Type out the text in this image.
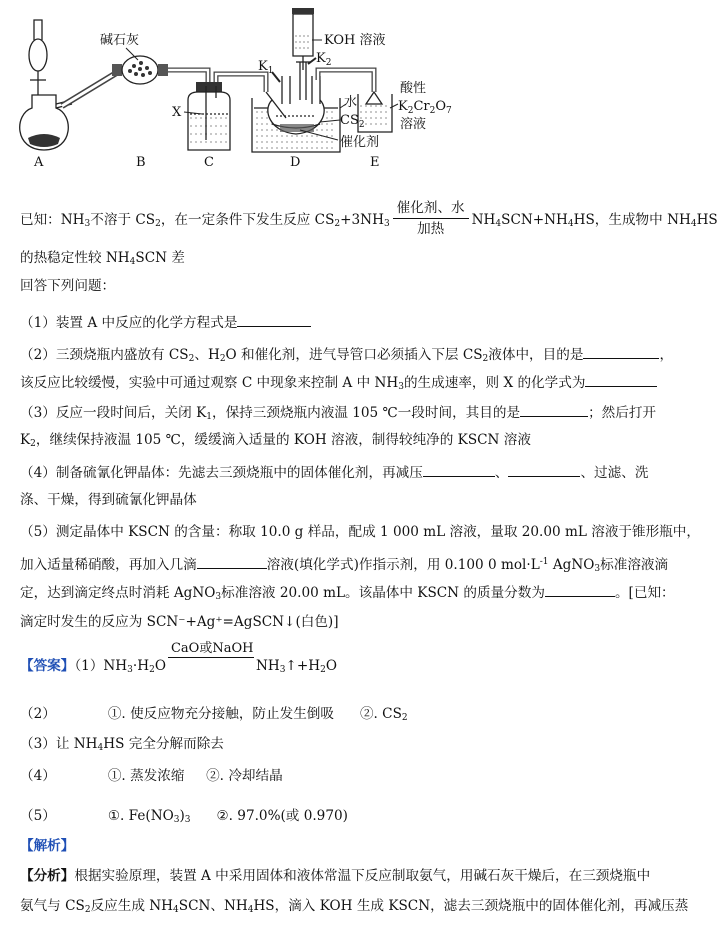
碱石灰	KOH 溶液
$K_1$
$K_2$
X
水
$CS_2$
催化剂
酸性
$K_2Cr_2O_7$
溶液
A	B	C	D	E
已知：$NH_3$不溶于 $CS_2$，在一定条件下发生反应 $CS_2+3NH_3 \frac{\text{催化剂、水}}{\text{加热}} NH_4SCN+NH_4HS$，生成物中 $NH_4HS$
的热稳定性较 $NH_4SCN$ 差
回答下列问题：
（1）装置 A 中反应的化学方程式是
（2）三颈烧瓶内盛放有 $CS_2$、$H_2O$ 和催化剂，进气导管口必须插入下层 $CS_2$液体中，目的是	，
该反应比较缓慢，实验中可通过观察 C 中现象来控制 A 中 $NH_3$的生成速率，则 X 的化学式为
（3）反应一段时间后，关闭 $K_1$，保持三颈烧瓶内液温 105 ℃一段时间，其目的是	；然后打开
$K_2$，继续保持液温 105 ℃，缓缓滴入适量的 KOH 溶液，制得较纯净的 KSCN 溶液
（4）制备硫氰化钾晶体：先滤去三颈烧瓶中的固体催化剂，再减压	、	、过滤、洗
涤、干燥，得到硫氰化钾晶体
（5）测定晶体中 KSCN 的含量：称取 10.0 g 样品，配成 1 000 mL 溶液，量取 20.00 mL 溶液于锥形瓶中，
加入适量稀硝酸，再加入几滴	溶液(填化学式)作指示剂，用 0.100 0 $mol\cdot L^{-1}$ AgNO$_3$标准溶液滴
定，达到滴定终点时消耗 AgNO$_3$标准溶液 20.00 mL。该晶体中 KSCN 的质量分数为	。[已知：
滴定时发生的反应为 SCN⁻+Ag⁺=AgSCN↓(白色)]
【答案】$(1)NH_3\cdot H_2O$
CaO或NaOH
$NH_3↑+H_2O$
（2）	①. 使反应物充分接触，防止发生倒吸 ②. $CS_2$
（3）让 $NH_4HS$ 完全分解而除去
（4）	①. 蒸发浓缩 ②. 冷却结晶
（5）	①. $Fe(NO_3)_3$ ②. 97.0%(或 0.970)
【解析】
【分析】根据实验原理，装置 A 中采用固体和液体常温下反应制取氨气，用碱石灰干燥后，在三颈烧瓶中
氨气与 $CS_2$反应生成 $NH_4SCN$、$NH_4HS$，滴入 KOH 生成 KSCN，滤去三颈烧瓶中的固体催化剂，再减压蒸
